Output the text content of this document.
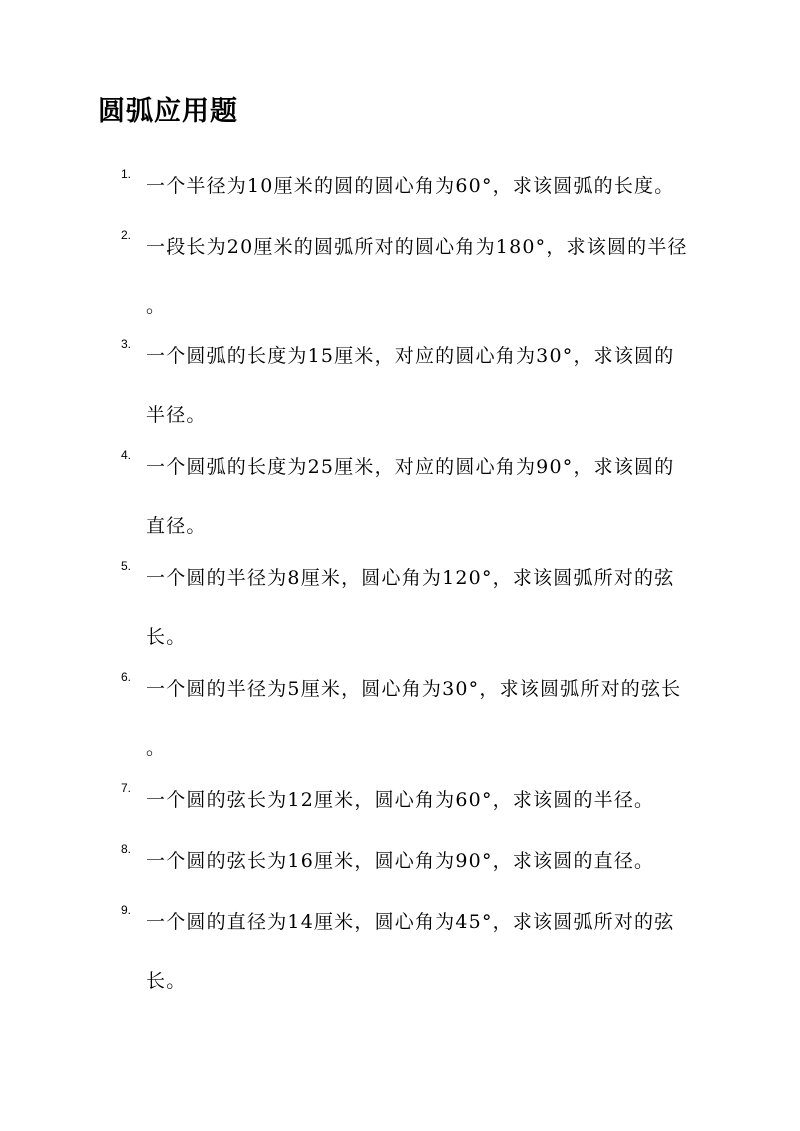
圆弧应用题
1.

一个半径为10厘米的圆的圆心角为60°，求该圆弧的长度。

2.

一段长为20厘米的圆弧所对的圆心角为180°，求该圆的半径
。

3.

一个圆弧的长度为15厘米，对应的圆心角为30°，求该圆的
半径。

4.

一个圆弧的长度为25厘米，对应的圆心角为90°，求该圆的
直径。

5.

一个圆的半径为8厘米，圆心角为120°，求该圆弧所对的弦
长。

6.

一个圆的半径为5厘米，圆心角为30°，求该圆弧所对的弦长
。

7.

一个圆的弦长为12厘米，圆心角为60°，求该圆的半径。

8.

一个圆的弦长为16厘米，圆心角为90°，求该圆的直径。

9.

一个圆的直径为14厘米，圆心角为45°，求该圆弧所对的弦
长。
